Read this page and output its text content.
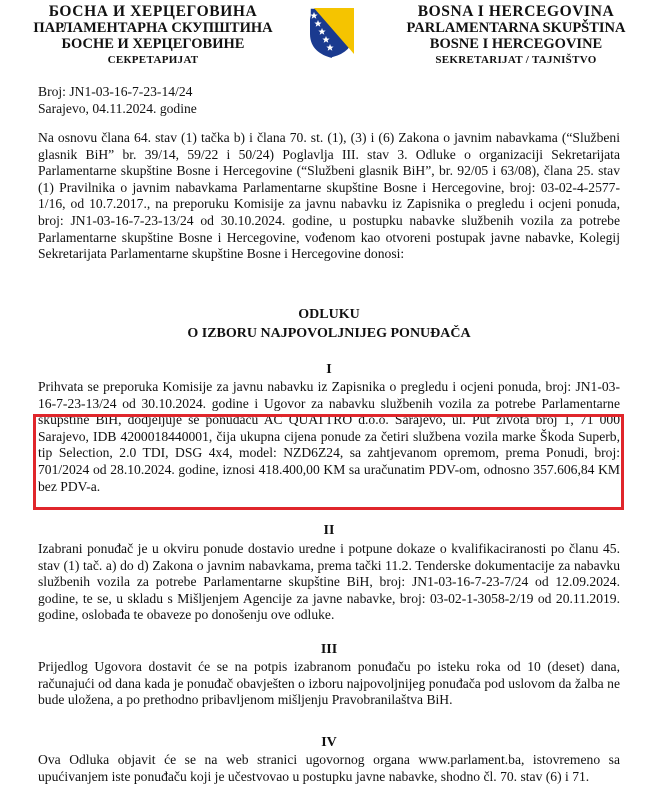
БОСНА И ХЕРЦЕГОВИНА
ПАРЛАМЕНТАРНА СКУПШТИНА
БОСНЕ И ХЕРЦЕГОВИНЕ
СЕКРЕТАРИЈАТ
BOSNA I HERCEGOVINA
PARLAMENTARNA SKUPŠTINA
BOSNE I HERCEGOVINE
SEKRETARIJAT / TAJNIŠTVO

Broj: JN1-03-16-7-23-14/24

Sarajevo, 04.11.2024. godine

Na osnovu člana 64. stav (1) tačka b) i člana 70. st. (1), (3) i (6) Zakona o javnim nabavkama (“Službeni glasnik BiH” br. 39/14, 59/22 i 50/24) Poglavlja III. stav 3. Odluke o organizaciji Sekretarijata Parlamentarne skupštine Bosne i Hercegovine (“Službeni glasnik BiH”, br. 92/05 i 63/08), člana 25. stav (1) Pravilnika o javnim nabavkama Parlamentarne skupštine Bosne i Hercegovine, broj: 03-02-4-2577-1/16, od 10.7.2017., na preporuku Komisije za javnu nabavku iz Zapisnika o pregledu i ocjeni ponuda, broj: JN1-03-16-7-23-13/24 od 30.10.2024. godine, u postupku nabavke službenih vozila za potrebe Parlamentarne skupštine Bosne i Hercegovine, vođenom kao otvoreni postupak javne nabavke, Kolegij Sekretarijata Parlamentarne skupštine Bosne i Hercegovine donosi:
ODLUKU
O IZBORU NAJPOVOLJNIJEG PONUĐAČA
I
Prihvata se preporuka Komisije za javnu nabavku iz Zapisnika o pregledu i ocjeni ponuda, broj: JN1-03-16-7-23-13/24 od 30.10.2024. godine i Ugovor za nabavku službenih vozila za potrebe Parlamentarne skupštine BiH, dodjeljuje se ponuđaču AC QUATTRO d.o.o. Sarajevo, ul. Put života broj 1, 71 000 Sarajevo, IDB 4200018440001, čija ukupna cijena ponude za četiri službena vozila marke Škoda Superb, tip Selection, 2.0 TDI, DSG 4x4, model: NZD6Z24, sa zahtjevanom opremom, prema Ponudi, broj: 701/2024 od 28.10.2024. godine, iznosi 418.400,00 KM sa uračunatim PDV-om, odnosno 357.606,84 KM bez PDV-a.
II
Izabrani ponuđač je u okviru ponude dostavio uredne i potpune dokaze o kvalifikaciranosti po članu 45. stav (1) tač. a) do d) Zakona o javnim nabavkama, prema tački 11.2. Tenderske dokumentacije za nabavku službenih vozila za potrebe Parlamentarne skupštine BiH, broj: JN1-03-16-7-23-7/24 od 12.09.2024. godine, te se, u skladu s Mišljenjem Agencije za javne nabavke, broj: 03-02-1-3058-2/19 od 20.11.2019. godine, oslobađa te obaveze po donošenju ove odluke.
III
Prijedlog Ugovora dostavit će se na potpis izabranom ponuđaču po isteku roka od 10 (deset) dana, računajući od dana kada je ponuđač obavješten o izboru najpovoljnijeg ponuđača pod uslovom da žalba ne bude uložena, a po prethodno pribavljenom mišljenju Pravobranilaštva BiH.
IV
Ova Odluka objavit će se na web stranici ugovornog organa www.parlament.ba, istovremeno sa upućivanjem iste ponuđaču koji je učestvovao u postupku javne nabavke, shodno čl. 70. stav (6) i 71.
